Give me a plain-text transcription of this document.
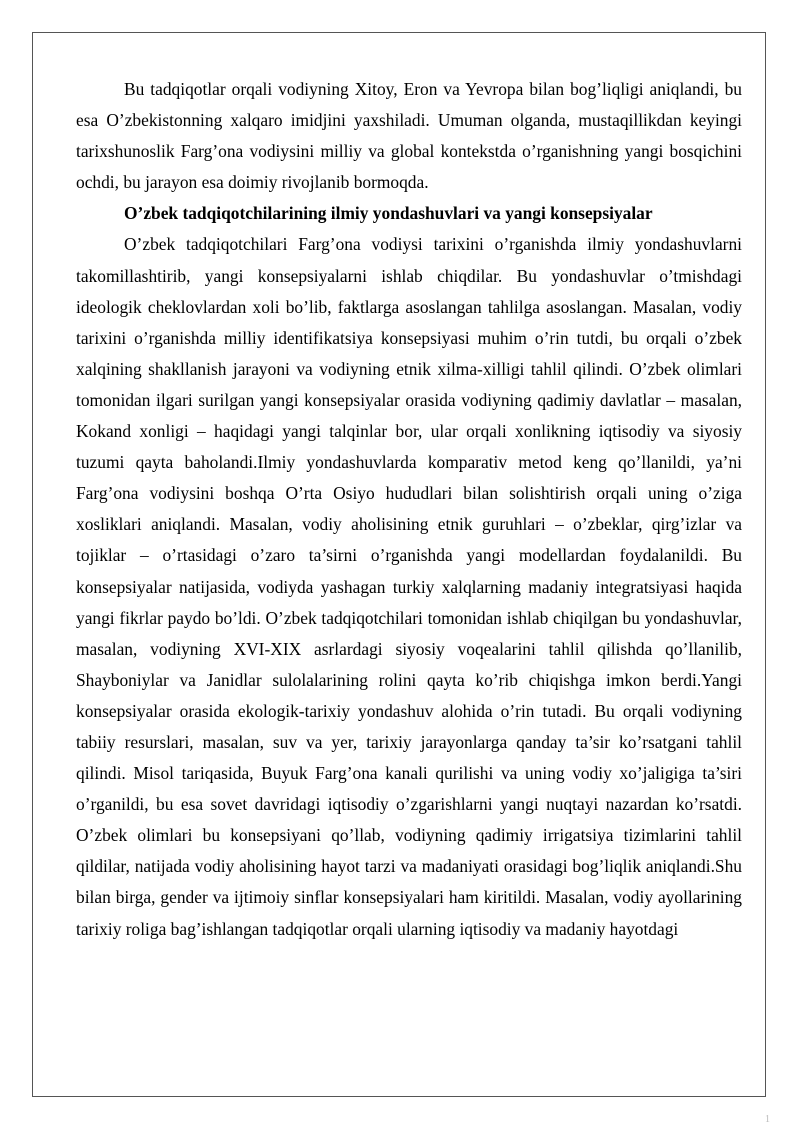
Bu tadqiqotlar orqali vodiyning Xitoy, Eron va Yevropa bilan bog’liqligi aniqlandi, bu esa O’zbekistonning xalqaro imidjini yaxshiladi. Umuman olganda, mustaqillikdan keyingi tarixshunoslik Farg’ona vodiysini milliy va global kontekstda o’rganishning yangi bosqichini ochdi, bu jarayon esa doimiy rivojlanib bormoqda.

O’zbek tadqiqotchilarining ilmiy yondashuvlari va yangi konsepsiyalar

O’zbek tadqiqotchilari Farg’ona vodiysi tarixini o’rganishda ilmiy yondashuvlarni takomillashtirib, yangi konsepsiyalarni ishlab chiqdilar. Bu yondashuvlar o’tmishdagi ideologik cheklovlardan xoli bo’lib, faktlarga asoslangan tahlilga asoslangan. Masalan, vodiy tarixini o’rganishda milliy identifikatsiya konsepsiyasi muhim o’rin tutdi, bu orqali o’zbek xalqining shakllanish jarayoni va vodiyning etnik xilma-xilligi tahlil qilindi. O’zbek olimlari tomonidan ilgari surilgan yangi konsepsiyalar orasida vodiyning qadimiy davlatlar – masalan, Kokand xonligi – haqidagi yangi talqinlar bor, ular orqali xonlikning iqtisodiy va siyosiy tuzumi qayta baholandi.Ilmiy yondashuvlarda komparativ metod keng qo’llanildi, ya’ni Farg’ona vodiysini boshqa O’rta Osiyo hududlari bilan solishtirish orqali uning o’ziga xosliklari aniqlandi. Masalan, vodiy aholisining etnik guruhlari – o’zbeklar, qirg’izlar va tojiklar – o’rtasidagi o’zaro ta’sirni o’rganishda yangi modellardan foydalanildi. Bu konsepsiyalar natijasida, vodiyda yashagan turkiy xalqlarning madaniy integratsiyasi haqida yangi fikrlar paydo bo’ldi. O’zbek tadqiqotchilari tomonidan ishlab chiqilgan bu yondashuvlar, masalan, vodiyning XVI-XIX asrlardagi siyosiy voqealarini tahlil qilishda qo’llanilib, Shayboniylar va Janidlar sulolalarining rolini qayta ko’rib chiqishga imkon berdi.Yangi konsepsiyalar orasida ekologik-tarixiy yondashuv alohida o’rin tutadi. Bu orqali vodiyning tabiiy resurslari, masalan, suv va yer, tarixiy jarayonlarga qanday ta’sir ko’rsatgani tahlil qilindi. Misol tariqasida, Buyuk Farg’ona kanali qurilishi va uning vodiy xo’jaligiga ta’siri o’rganildi, bu esa sovet davridagi iqtisodiy o’zgarishlarni yangi nuqtayi nazardan ko’rsatdi. O’zbek olimlari bu konsepsiyani qo’llab, vodiyning qadimiy irrigatsiya tizimlarini tahlil qildilar, natijada vodiy aholisining hayot tarzi va madaniyati orasidagi bog’liqlik aniqlandi.Shu bilan birga, gender va ijtimoiy sinflar konsepsiyalari ham kiritildi. Masalan, vodiy ayollarining tarixiy roliga bag’ishlangan tadqiqotlar orqali ularning iqtisodiy va madaniy hayotdagi

1
